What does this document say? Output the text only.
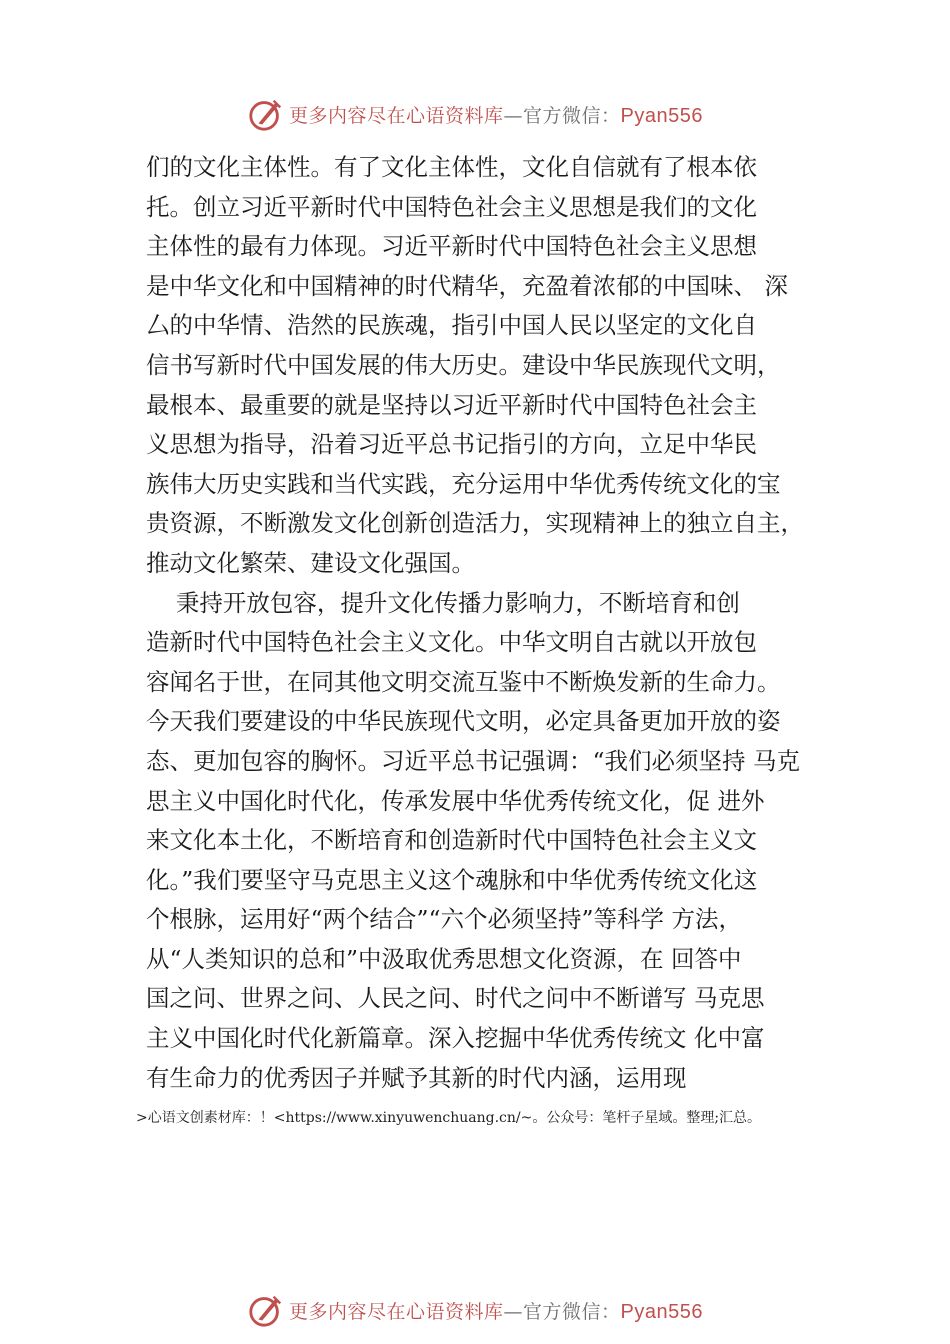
更多内容尽在心语资料库—官方微信：Pyan556
们的文化主体性。有了文化主体性，文化自信就有了根本依
托。创立习近平新时代中国特色社会主义思想是我们的文化
主体性的最有力体现。习近平新时代中国特色社会主义思想
是中华文化和中国精神的时代精华，充盈着浓郁的中国味、 深
厶的中华情、浩然的民族魂，指引中国人民以坚定的文化自
信书写新时代中国发展的伟大历史。建设中华民族现代文明，
最根本、最重要的就是坚持以习近平新时代中国特色社会主
义思想为指导，沿着习近平总书记指引的方向，立足中华民
族伟大历史实践和当代实践，充分运用中华优秀传统文化的宝
贵资源，不断激发文化创新创造活力，实现精神上的独立自主，
推动文化繁荣、建设文化强国。
秉持开放包容，提升文化传播力影响力，不断培育和创
造新时代中国特色社会主义文化。中华文明自古就以开放包
容闻名于世，在同其他文明交流互鉴中不断焕发新的生命力。
今天我们要建设的中华民族现代文明，必定具备更加开放的姿
态、更加包容的胸怀。习近平总书记强调：“我们必须坚持 马克
思主义中国化时代化，传承发展中华优秀传统文化，促 进外
来文化本土化，不断培育和创造新时代中国特色社会主义文
化。”我们要坚守马克思主义这个魂脉和中华优秀传统文化这
个根脉，运用好“两个结合”“六个必须坚持”等科学 方法，
从“人类知识的总和”中汲取优秀思想文化资源，在 回答中
国之问、世界之问、人民之问、时代之问中不断谱写 马克思
主义中国化时代化新篇章。深入挖掘中华优秀传统文 化中富
有生命力的优秀因子并赋予其新的时代内涵，运用现
>心语文创素材库：！<https://www.xinyuwenchuang.cn/~。公众号：笔杆子星域。整理;汇总。
更多内容尽在心语资料库—官方微信：Pyan556
